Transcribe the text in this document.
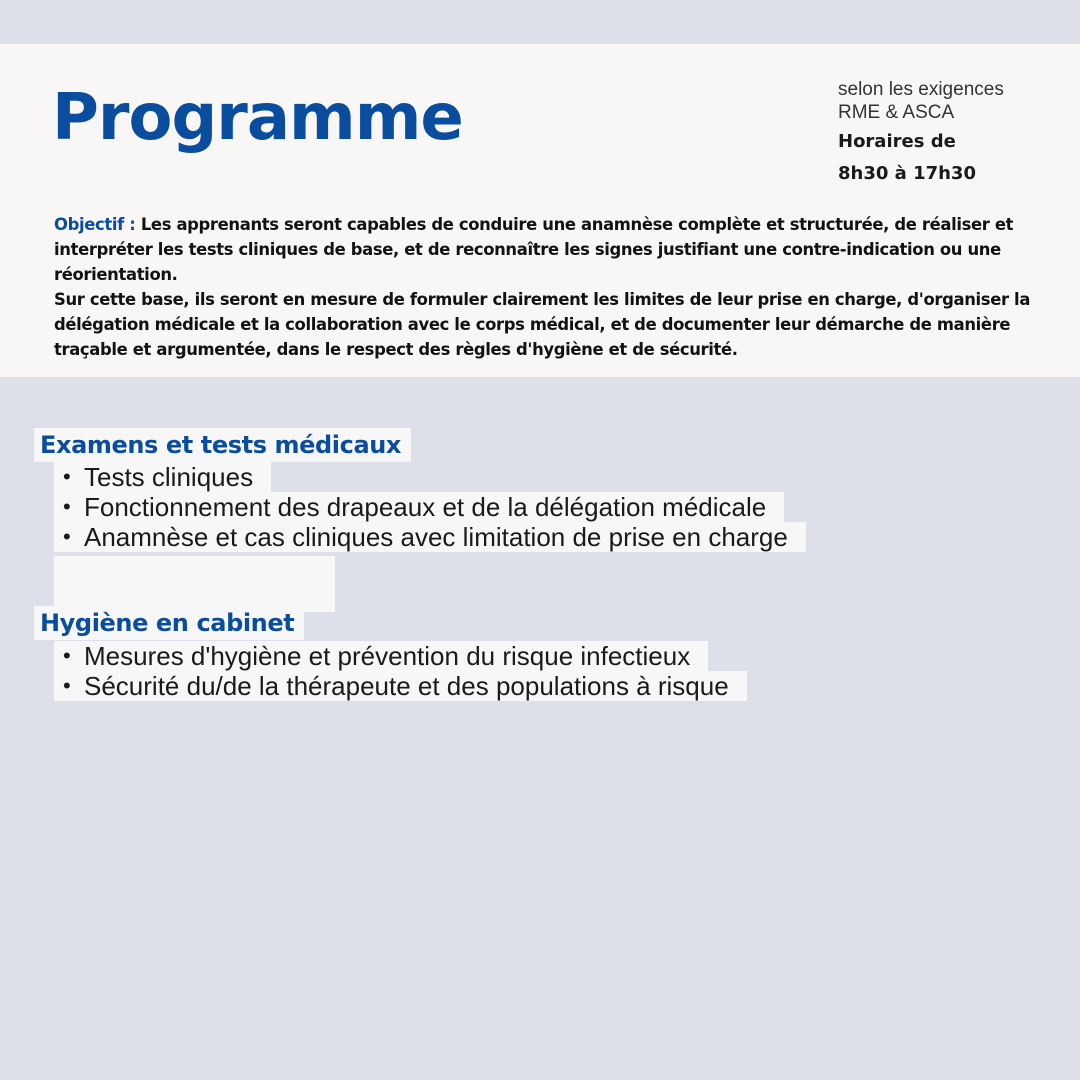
Programme	selon les exigences
RME & ASCA
Horaires de
8h30 à 17h30

Objectif : Les apprenants seront capables de conduire une anamnèse complète et structurée, de réaliser et interpréter les tests cliniques de base, et de reconnaître les signes justifiant une contre-indication ou une réorientation.

Sur cette base, ils seront en mesure de formuler clairement les limites de leur prise en charge, d'organiser la délégation médicale et la collaboration avec le corps médical, et de documenter leur démarche de manière traçable et argumentée, dans le respect des règles d'hygiène et de sécurité.

Examens et tests médicaux
• Tests cliniques
• Fonctionnement des drapeaux et de la délégation médicale
• Anamnèse et cas cliniques avec limitation de prise en charge
Hygiène en cabinet
• Mesures d'hygiène et prévention du risque infectieux
• Sécurité du/de la thérapeute et des populations à risque
